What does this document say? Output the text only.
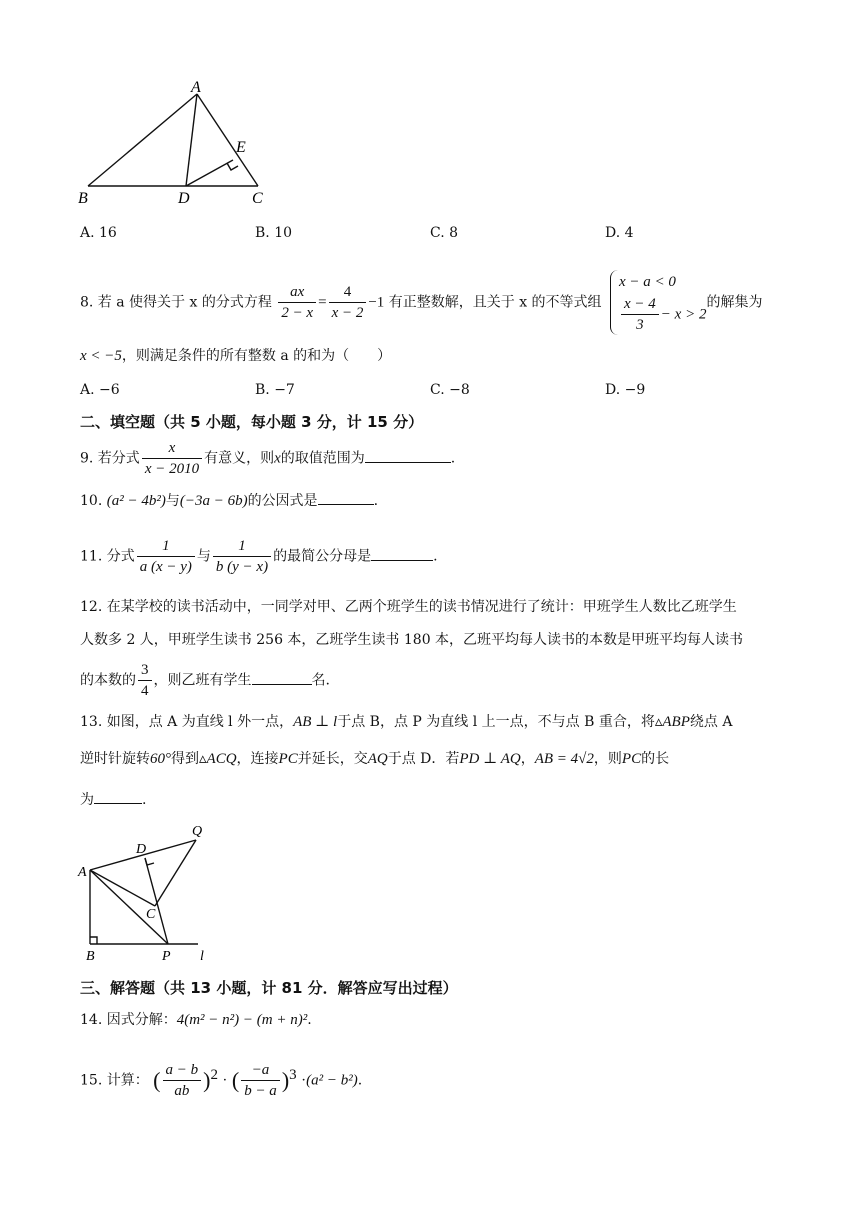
A
B	C
D
E
A. 16	B. 10	C. 8	D. 4
8. 若 a 使得关于 x 的分式方程 $\frac{ax}{2 - x} = \frac{4}{x - 2} -1$ 有正整数解，且关于 x 的不等式组
x − a < 0
$\frac{x - 4}{3} - x > 2$
的解集为
x < −5，则满足条件的所有整数 a 的和为（　　）
A. −6	B. −7	C. −8	D. −9
二、填空题（共 5 小题，每小题 3 分，计 15 分）
9. 若分式 $\frac{x}{x - 2010}$ 有意义，则x的取值范围为	.
10. (a² − 4b²)与(−3a − 6b)的公因式是	.
11. 分式 $\frac{1}{a (x - y)}$ 与 $\frac{1}{b (y - x)}$ 的最简公分母是	.
12. 在某学校的读书活动中，一同学对甲、乙两个班学生的读书情况进行了统计：甲班学生人数比乙班学生
人数多 2 人，甲班学生读书 256 本，乙班学生读书 180 本，乙班平均每人读书的本数是甲班平均每人读书
的本数的 $\frac{3}{4}$ ，则乙班有学生	名.
13. 如图，点 A 为直线 l 外一点，AB ⊥ l于点 B，点 P 为直线 l 上一点，不与点 B 重合，将▵ABP绕点 A
逆时针旋转60°得到▵ACQ，连接PC并延长，交AQ于点 D．若PD ⊥ AQ，AB = 4√2，则PC的长
为	.
A
B
C
D
P
Q
l
三、解答题（共 13 小题，计 81 分．解答应写出过程）
14. 因式分解：4(m² − n²) − (m + n)².
15. 计算： ( $\frac{a - b}{ab} )^2$ · ( $\frac{-a}{b - a} )^3 \cdot(a^2 - b^2)$.
